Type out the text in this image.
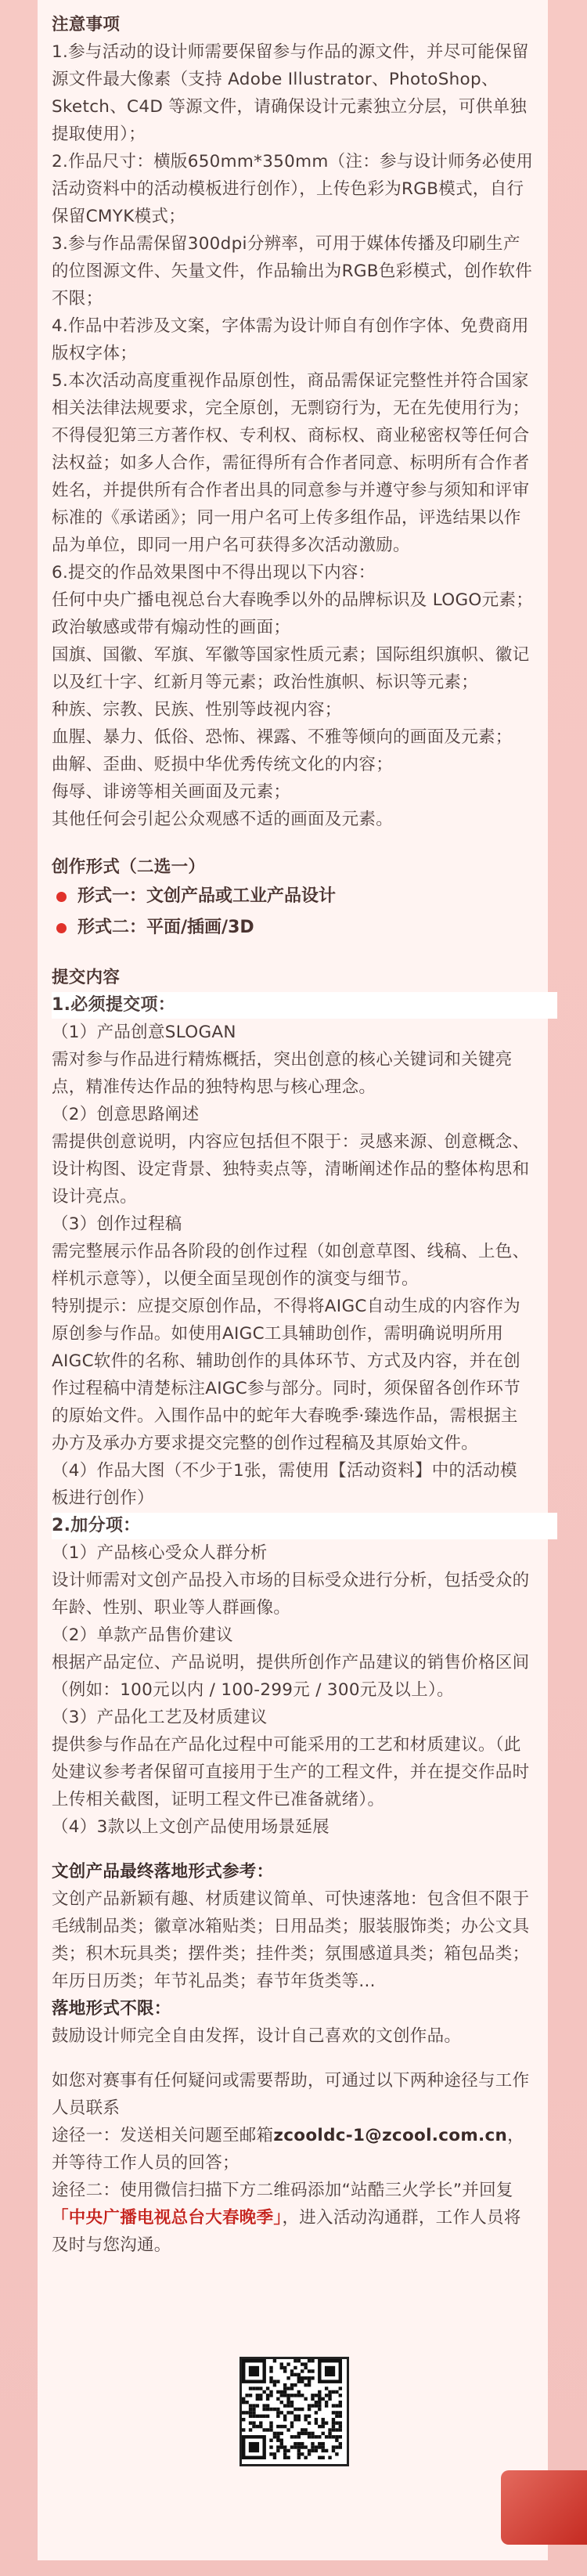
注意事项

1.参与活动的设计师需要保留参与作品的源文件，并尽可能保留源文件最大像素（支持 Adobe Illustrator、PhotoShop、Sketch、C4D 等源文件，请确保设计元素独立分层，可供单独提取使用）；

2.作品尺寸：横版650mm*350mm（注：参与设计师务必使用活动资料中的活动模板进行创作），上传色彩为RGB模式，自行保留CMYK模式；

3.参与作品需保留300dpi分辨率，可用于媒体传播及印刷生产的位图源文件、矢量文件，作品输出为RGB色彩模式，创作软件不限；

4.作品中若涉及文案，字体需为设计师自有创作字体、免费商用版权字体；

5.本次活动高度重视作品原创性，商品需保证完整性并符合国家相关法律法规要求，完全原创，无剽窃行为，无在先使用行为；不得侵犯第三方著作权、专利权、商标权、商业秘密权等任何合法权益；如多人合作，需征得所有合作者同意、标明所有合作者姓名，并提供所有合作者出具的同意参与并遵守参与须知和评审标准的《承诺函》；同一用户名可上传多组作品，评选结果以作品为单位，即同一用户名可获得多次活动激励。

6.提交的作品效果图中不得出现以下内容：

任何中央广播电视总台大春晚季以外的品牌标识及 LOGO元素；

政治敏感或带有煽动性的画面；

国旗、国徽、军旗、军徽等国家性质元素；国际组织旗帜、徽记以及红十字、红新月等元素；政治性旗帜、标识等元素；

种族、宗教、民族、性别等歧视内容；

血腥、暴力、低俗、恐怖、裸露、不雅等倾向的画面及元素；

曲解、歪曲、贬损中华优秀传统文化的内容；

侮辱、诽谤等相关画面及元素；

其他任何会引起公众观感不适的画面及元素。

创作形式（二选一）

形式一：文创产品或工业产品设计
形式二：平面/插画/3D

提交内容

1.必须提交项：

（1）产品创意SLOGAN

需对参与作品进行精炼概括，突出创意的核心关键词和关键亮点，精准传达作品的独特构思与核心理念。

（2）创意思路阐述

需提供创意说明，内容应包括但不限于：灵感来源、创意概念、设计构图、设定背景、独特卖点等，清晰阐述作品的整体构思和设计亮点。

（3）创作过程稿

需完整展示作品各阶段的创作过程（如创意草图、线稿、上色、样机示意等），以便全面呈现创作的演变与细节。

特别提示：应提交原创作品，不得将AIGC自动生成的内容作为原创参与作品。如使用AIGC工具辅助创作，需明确说明所用AIGC软件的名称、辅助创作的具体环节、方式及内容，并在创作过程稿中清楚标注AIGC参与部分。同时，须保留各创作环节的原始文件。入围作品中的蛇年大春晚季·臻选作品，需根据主办方及承办方要求提交完整的创作过程稿及其原始文件。

（4）作品大图（不少于1张，需使用【活动资料】中的活动模板进行创作）

2.加分项：

（1）产品核心受众人群分析

设计师需对文创产品投入市场的目标受众进行分析，包括受众的年龄、性别、职业等人群画像。

（2）单款产品售价建议

根据产品定位、产品说明，提供所创作产品建议的销售价格区间（例如：100元以内 / 100-299元 / 300元及以上）。

（3）产品化工艺及材质建议

提供参与作品在产品化过程中可能采用的工艺和材质建议。（此处建议参考者保留可直接用于生产的工程文件，并在提交作品时上传相关截图，证明工程文件已准备就绪）。

（4）3款以上文创产品使用场景延展

文创产品最终落地形式参考：

文创产品新颖有趣、材质建议简单、可快速落地：包含但不限于毛绒制品类；徽章冰箱贴类；日用品类；服装服饰类；办公文具类；积木玩具类；摆件类；挂件类；氛围感道具类；箱包品类；年历日历类；年节礼品类；春节年货类等...

落地形式不限：

鼓励设计师完全自由发挥，设计自己喜欢的文创作品。

如您对赛事有任何疑问或需要帮助，可通过以下两种途径与工作人员联系

途径一：发送相关问题至邮箱zcooldc-1@zcool.com.cn，并等待工作人员的回答；

途径二：使用微信扫描下方二维码添加“站酷三火学长”并回复「中央广播电视总台大春晚季」，进入活动沟通群，工作人员将及时与您沟通。
